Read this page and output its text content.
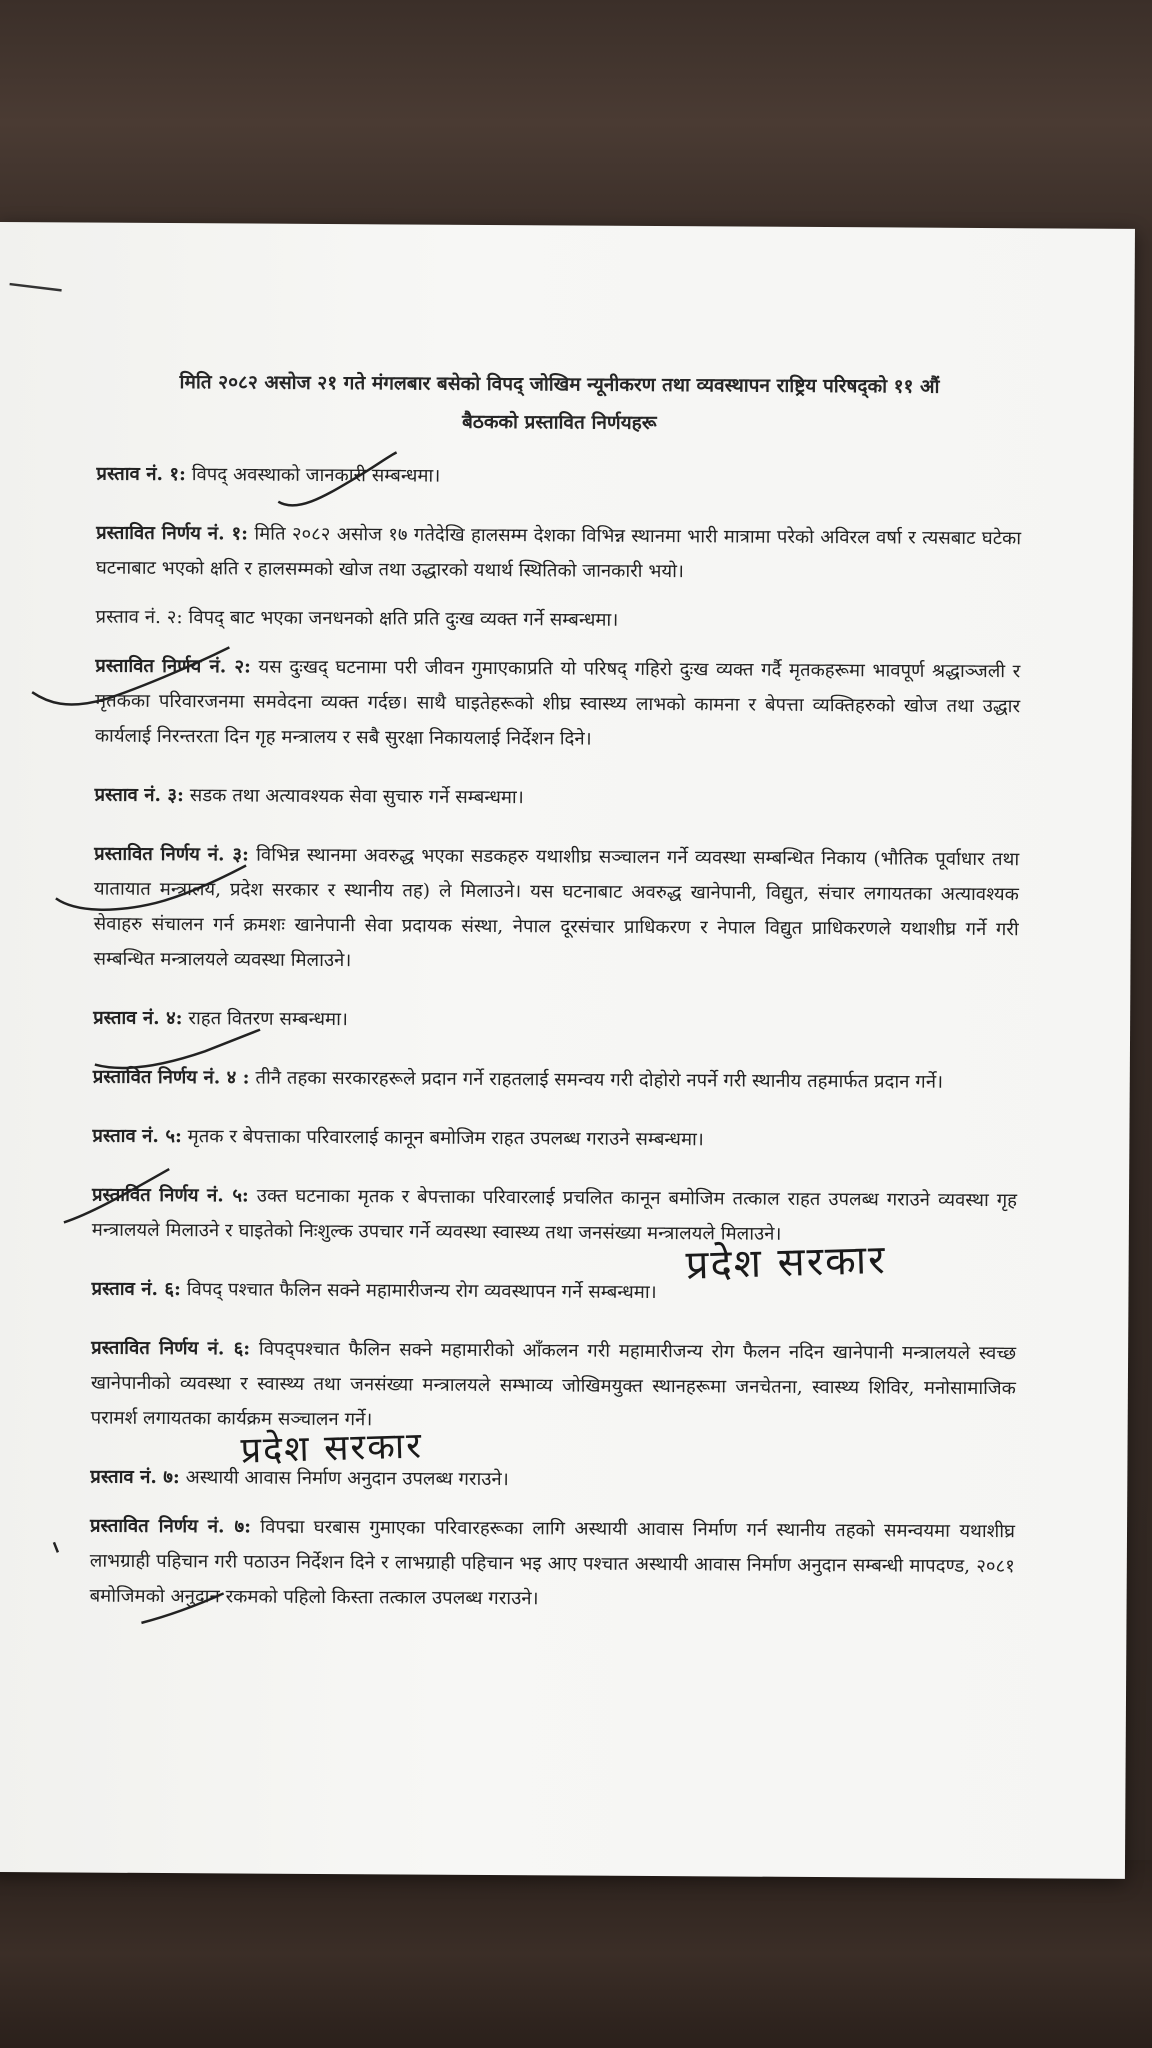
मिति २०८२ असोज २१ गते मंगलबार बसेको विपद् जोखिम न्यूनीकरण तथा व्यवस्थापन राष्ट्रिय परिषद्को ११ औं
बैठकको प्रस्तावित निर्णयहरू
प्रस्ताव नं. १: विपद् अवस्थाको जानकारी सम्बन्धमा।
प्रस्तावित निर्णय नं. १: मिति २०८२ असोज १७ गतेदेखि हालसम्म देशका विभिन्न स्थानमा भारी मात्रामा परेको अविरल वर्षा र त्यसबाट घटेका घटनाबाट भएको क्षति र हालसम्मको खोज तथा उद्धारको यथार्थ स्थितिको जानकारी भयो।
प्रस्ताव नं. २: विपद् बाट भएका जनधनको क्षति प्रति दुःख व्यक्त गर्ने सम्बन्धमा।
प्रस्तावित निर्णय नं. २: यस दुःखद् घटनामा परी जीवन गुमाएकाप्रति यो परिषद् गहिरो दुःख व्यक्त गर्दै मृतकहरूमा भावपूर्ण श्रद्धाञ्जली र मृतकका परिवारजनमा समवेदना व्यक्त गर्दछ। साथै घाइतेहरूको शीघ्र स्वास्थ्य लाभको कामना र बेपत्ता व्यक्तिहरुको खोज तथा उद्धार कार्यलाई निरन्तरता दिन गृह मन्त्रालय र सबै सुरक्षा निकायलाई निर्देशन दिने।
प्रस्ताव नं. ३: सडक तथा अत्यावश्यक सेवा सुचारु गर्ने सम्बन्धमा।
प्रस्तावित निर्णय नं. ३: विभिन्न स्थानमा अवरुद्ध भएका सडकहरु यथाशीघ्र सञ्चालन गर्ने व्यवस्था सम्बन्धित निकाय (भौतिक पूर्वाधार तथा यातायात मन्त्रालय, प्रदेश सरकार र स्थानीय तह) ले मिलाउने। यस घटनाबाट अवरुद्ध खानेपानी, विद्युत, संचार लगायतका अत्यावश्यक सेवाहरु संचालन गर्न क्रमशः खानेपानी सेवा प्रदायक संस्था, नेपाल दूरसंचार प्राधिकरण र नेपाल विद्युत प्राधिकरणले यथाशीघ्र गर्ने गरी सम्बन्धित मन्त्रालयले व्यवस्था मिलाउने।
प्रस्ताव नं. ४: राहत वितरण सम्बन्धमा।
प्रस्तावित निर्णय नं. ४ : तीनै तहका सरकारहरूले प्रदान गर्ने राहतलाई समन्वय गरी दोहोरो नपर्ने गरी स्थानीय तहमार्फत प्रदान गर्ने।
प्रस्ताव नं. ५: मृतक र बेपत्ताका परिवारलाई कानून बमोजिम राहत उपलब्ध गराउने सम्बन्धमा।
प्रस्तावित निर्णय नं. ५: उक्त घटनाका मृतक र बेपत्ताका परिवारलाई प्रचलित कानून बमोजिम तत्काल राहत उपलब्ध गराउने व्यवस्था गृह मन्त्रालयले मिलाउने र घाइतेको निःशुल्क उपचार गर्ने व्यवस्था स्वास्थ्य तथा जनसंख्या मन्त्रालयले मिलाउने।
प्रस्ताव नं. ६: विपद् पश्चात फैलिन सक्ने महामारीजन्य रोग व्यवस्थापन गर्ने सम्बन्धमा।
प्रस्तावित निर्णय नं. ६: विपद्पश्चात फैलिन सक्ने महामारीको आँकलन गरी महामारीजन्य रोग फैलन नदिन खानेपानी मन्त्रालयले स्वच्छ खानेपानीको व्यवस्था र स्वास्थ्य तथा जनसंख्या मन्त्रालयले सम्भाव्य जोखिमयुक्त स्थानहरूमा जनचेतना, स्वास्थ्य शिविर, मनोसामाजिक परामर्श लगायतका कार्यक्रम सञ्चालन गर्ने।
प्रस्ताव नं. ७: अस्थायी आवास निर्माण अनुदान उपलब्ध गराउने।
प्रस्तावित निर्णय नं. ७: विपद्मा घरबास गुमाएका परिवारहरूका लागि अस्थायी आवास निर्माण गर्न स्थानीय तहको समन्वयमा यथाशीघ्र लाभग्राही पहिचान गरी पठाउन निर्देशन दिने र लाभग्राही पहिचान भइ आए पश्चात अस्थायी आवास निर्माण अनुदान सम्बन्धी मापदण्ड, २०८१ बमोजिमको अनुदान रकमको पहिलो किस्ता तत्काल उपलब्ध गराउने।
प्रदेश सरकार
प्रदेश सरकार
